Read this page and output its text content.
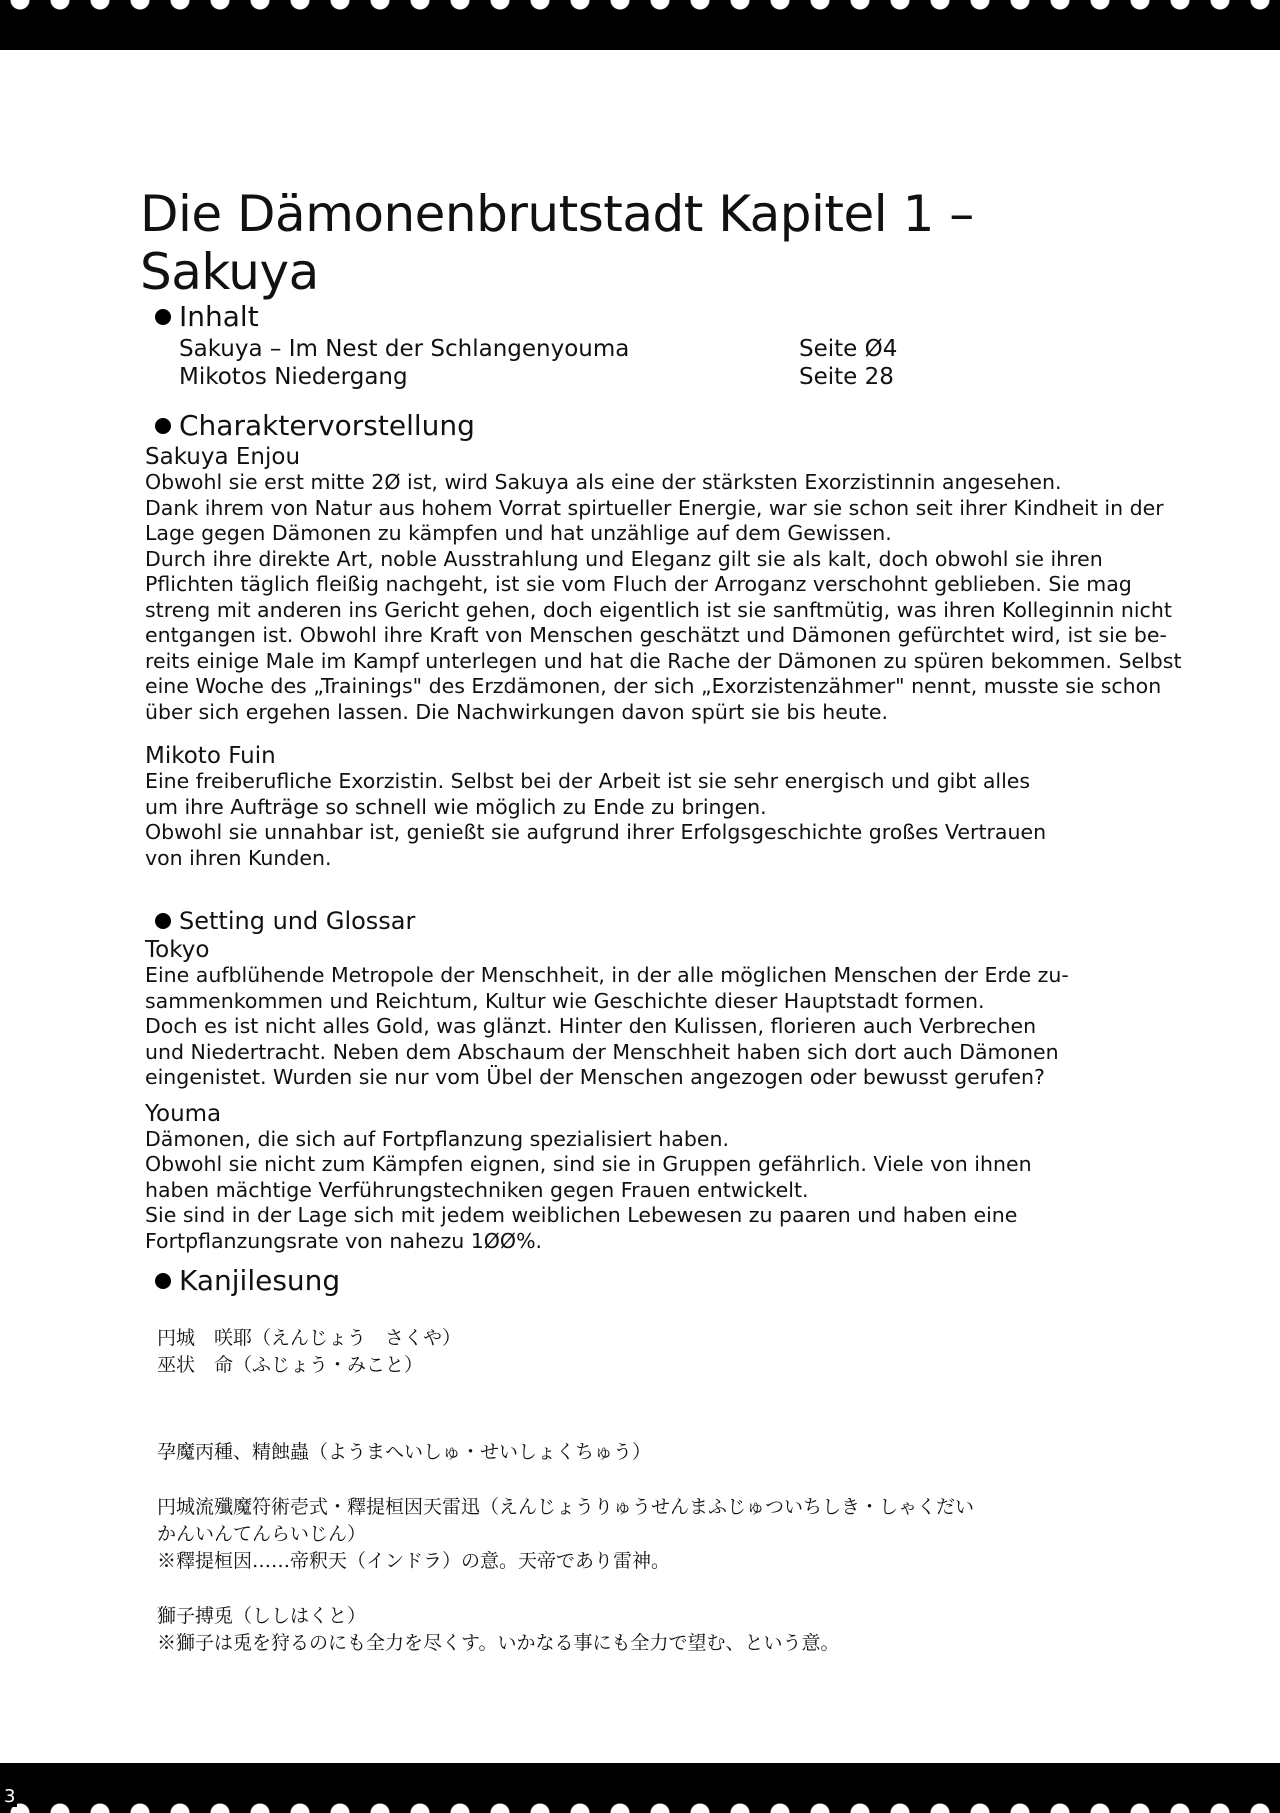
Die Dämonenbrutstadt Kapitel 1 – Sakuya
Inhalt
Sakuya – Im Nest der Schlangenyouma	Seite Ø4
Mikotos Niedergang	Seite 28
Charaktervorstellung

Sakuya Enjou

Obwohl sie erst mitte 2Ø ist, wird Sakuya als eine der stärksten Exorzistinnin angesehen.

Dank ihrem von Natur aus hohem Vorrat spirtueller Energie, war sie schon seit ihrer Kindheit in der

Lage gegen Dämonen zu kämpfen und hat unzählige auf dem Gewissen.

Durch ihre direkte Art, noble Ausstrahlung und Eleganz gilt sie als kalt, doch obwohl sie ihren

Pflichten täglich fleißig nachgeht, ist sie vom Fluch der Arroganz verschohnt geblieben. Sie mag

streng mit anderen ins Gericht gehen, doch eigentlich ist sie sanftmütig, was ihren Kolleginnin nicht

entgangen ist. Obwohl ihre Kraft von Menschen geschätzt und Dämonen gefürchtet wird, ist sie be-

reits einige Male im Kampf unterlegen und hat die Rache der Dämonen zu spüren bekommen. Selbst

eine Woche des „Trainings" des Erzdämonen, der sich „Exorzistenzähmer" nennt, musste sie schon

über sich ergehen lassen. Die Nachwirkungen davon spürt sie bis heute.

Mikoto Fuin

Eine freiberufliche Exorzistin. Selbst bei der Arbeit ist sie sehr energisch und gibt alles

um ihre Aufträge so schnell wie möglich zu Ende zu bringen.

Obwohl sie unnahbar ist, genießt sie aufgrund ihrer Erfolgsgeschichte großes Vertrauen

von ihren Kunden.

Setting und Glossar

Tokyo

Eine aufblühende Metropole der Menschheit, in der alle möglichen Menschen der Erde zu-

sammenkommen und Reichtum, Kultur wie Geschichte dieser Hauptstadt formen.

Doch es ist nicht alles Gold, was glänzt. Hinter den Kulissen, florieren auch Verbrechen

und Niedertracht. Neben dem Abschaum der Menschheit haben sich dort auch Dämonen

eingenistet. Wurden sie nur vom Übel der Menschen angezogen oder bewusst gerufen?

Youma

Dämonen, die sich auf Fortpflanzung spezialisiert haben.

Obwohl sie nicht zum Kämpfen eignen, sind sie in Gruppen gefährlich. Viele von ihnen

haben mächtige Verführungstechniken gegen Frauen entwickelt.

Sie sind in der Lage sich mit jedem weiblichen Lebewesen zu paaren und haben eine

Fortpflanzungsrate von nahezu 1ØØ%.

Kanjilesung

円城　咲耶（えんじょう　さくや）

巫状　命（ふじょう・みこと）

孕魔丙種、精蝕蟲（ようまへいしゅ・せいしょくちゅう）

円城流殲魔符術壱式・釋提桓因天雷迅（えんじょうりゅうせんまふじゅついちしき・しゃくだい

かんいんてんらいじん）

※釋提桓因……帝釈天（インドラ）の意。天帝であり雷神。

獅子搏兎（ししはくと）

※獅子は兎を狩るのにも全力を尽くす。いかなる事にも全力で望む、という意。

3
